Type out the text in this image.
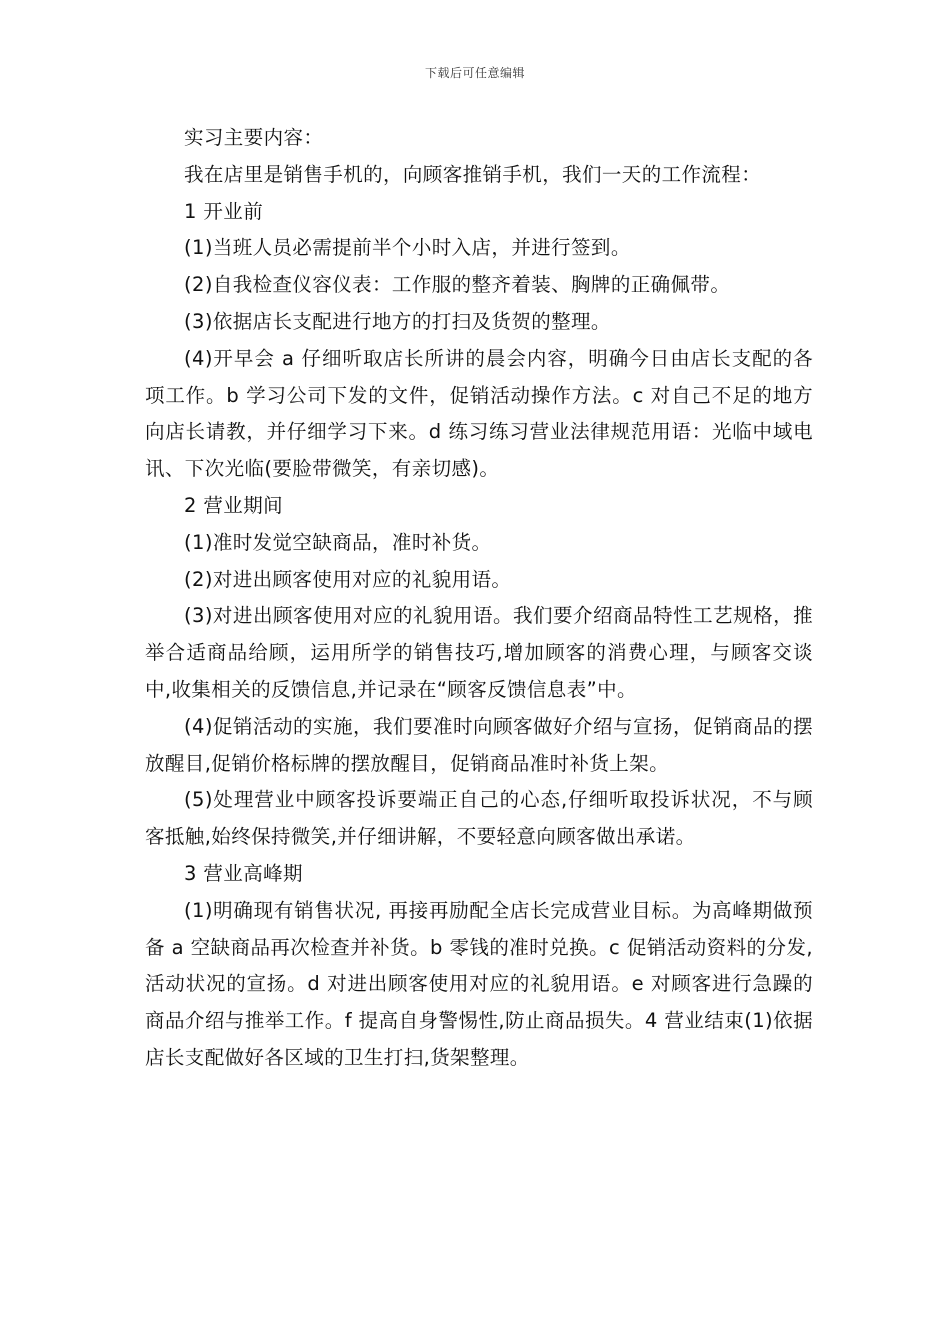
下载后可任意编辑

实习主要内容：

我在店里是销售手机的，向顾客推销手机，我们一天的工作流程：

1 开业前

(1)当班人员必需提前半个小时入店，并进行签到。

(2)自我检查仪容仪表：工作服的整齐着装、胸牌的正确佩带。

(3)依据店长支配进行地方的打扫及货贺的整理。

(4)开早会 a 仔细听取店长所讲的晨会内容，明确今日由店长支配的各项工作。b 学习公司下发的文件，促销活动操作方法。c 对自己不足的地方向店长请教，并仔细学习下来。d 练习练习营业法律规范用语：光临中域电讯、下次光临(要脸带微笑，有亲切感)。

2 营业期间

(1)准时发觉空缺商品，准时补货。

(2)对进出顾客使用对应的礼貌用语。

(3)对进出顾客使用对应的礼貌用语。我们要介绍商品特性工艺规格，推举合适商品给顾，运用所学的销售技巧,增加顾客的消费心理，与顾客交谈中,收集相关的反馈信息,并记录在“顾客反馈信息表”中。

(4)促销活动的实施，我们要准时向顾客做好介绍与宣扬，促销商品的摆放醒目,促销价格标牌的摆放醒目，促销商品准时补货上架。

(5)处理营业中顾客投诉要端正自己的心态,仔细听取投诉状况，不与顾客抵触,始终保持微笑,并仔细讲解，不要轻意向顾客做出承诺。

3 营业高峰期

(1)明确现有销售状况, 再接再励配全店长完成营业目标。为高峰期做预备 a 空缺商品再次检查并补货。b 零钱的准时兑换。c 促销活动资料的分发,活动状况的宣扬。d 对进出顾客使用对应的礼貌用语。e 对顾客进行急躁的商品介绍与推举工作。f 提高自身警惕性,防止商品损失。4 营业结束(1)依据店长支配做好各区域的卫生打扫,货架整理。
